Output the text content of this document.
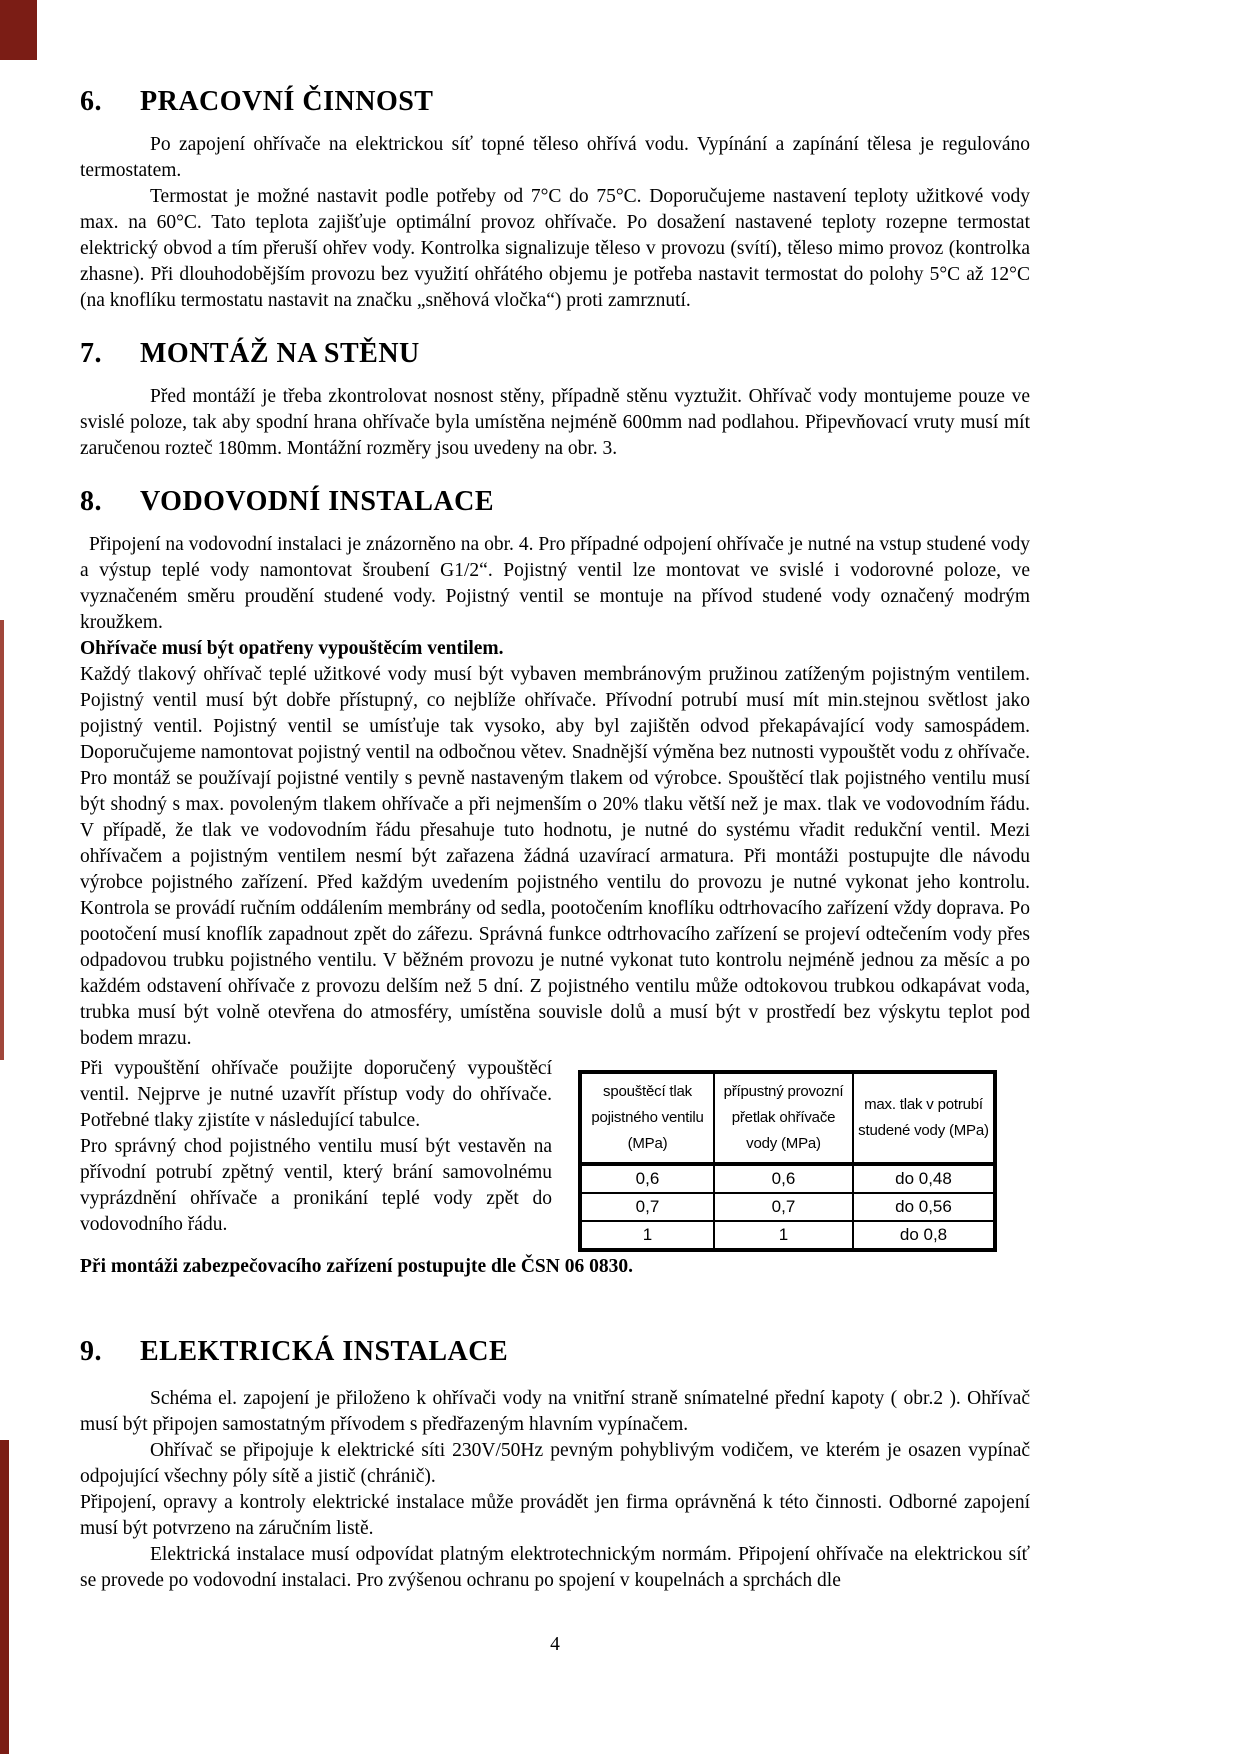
6.	PRACOVNÍ ČINNOST

Po zapojení ohřívače na elektrickou síť topné těleso ohřívá vodu. Vypínání a zapínání tělesa je regulováno termostatem.

Termostat je možné nastavit podle potřeby od 7°C do 75°C. Doporučujeme nastavení teploty užitkové vody max. na 60°C. Tato teplota zajišťuje optimální provoz ohřívače. Po dosažení nastavené teploty rozepne termostat elektrický obvod a tím přeruší ohřev vody. Kontrolka signalizuje těleso v provozu (svítí), těleso mimo provoz (kontrolka zhasne). Při dlouhodobějším provozu bez využití ohřátého objemu je potřeba nastavit termostat do polohy 5°C až 12°C (na knoflíku termostatu nastavit na značku „sněhová vločka“) proti zamrznutí.

7.	MONTÁŽ NA STĚNU

Před montáží je třeba zkontrolovat nosnost stěny, případně stěnu vyztužit. Ohřívač vody montujeme pouze ve svislé poloze, tak aby spodní hrana ohřívače byla umístěna nejméně 600mm nad podlahou. Připevňovací vruty musí mít zaručenou rozteč 180mm. Montážní rozměry jsou uvedeny na obr. 3.

8.	VODOVODNÍ INSTALACE

Připojení na vodovodní instalaci je znázorněno na obr. 4. Pro případné odpojení ohřívače je nutné na vstup studené vody a výstup teplé vody namontovat šroubení G1/2“. Pojistný ventil lze montovat ve svislé i vodorovné poloze, ve vyznačeném směru proudění studené vody. Pojistný ventil se montuje na přívod studené vody označený modrým kroužkem.

Ohřívače musí být opatřeny vypouštěcím ventilem.

Každý tlakový ohřívač teplé užitkové vody musí být vybaven membránovým pružinou zatíženým pojistným ventilem. Pojistný ventil musí být dobře přístupný, co nejblíže ohřívače. Přívodní potrubí musí mít min.stejnou světlost jako pojistný ventil. Pojistný ventil se umísťuje tak vysoko, aby byl zajištěn odvod překapávající vody samospádem. Doporučujeme namontovat pojistný ventil na odbočnou větev. Snadnější výměna bez nutnosti vypouštět vodu z ohřívače. Pro montáž se používají pojistné ventily s pevně nastaveným tlakem od výrobce. Spouštěcí tlak pojistného ventilu musí být shodný s max. povoleným tlakem ohřívače a při nejmenším o 20% tlaku větší než je max. tlak ve vodovodním řádu. V případě, že tlak ve vodovodním řádu přesahuje tuto hodnotu, je nutné do systému vřadit redukční ventil. Mezi ohřívačem a pojistným ventilem nesmí být zařazena žádná uzavírací armatura. Při montáži postupujte dle návodu výrobce pojistného zařízení. Před každým uvedením pojistného ventilu do provozu je nutné vykonat jeho kontrolu. Kontrola se provádí ručním oddálením membrány od sedla, pootočením knoflíku odtrhovacího zařízení vždy doprava. Po pootočení musí knoflík zapadnout zpět do zářezu. Správná funkce odtrhovacího zařízení se projeví odtečením vody přes odpadovou trubku pojistného ventilu. V běžném provozu je nutné vykonat tuto kontrolu nejméně jednou za měsíc a po každém odstavení ohřívače z provozu delším než 5 dní. Z pojistného ventilu může odtokovou trubkou odkapávat voda, trubka musí být volně otevřena do atmosféry, umístěna souvisle dolů a musí být v prostředí bez výskytu teplot pod bodem mrazu.

Při vypouštění ohřívače použijte doporučený vypouštěcí ventil. Nejprve je nutné uzavřít přístup vody do ohřívače. Potřebné tlaky zjistíte v následující tabulce.

Pro správný chod pojistného ventilu musí být vestavěn na přívodní potrubí zpětný ventil, který brání samovolnému vyprázdnění ohřívače a pronikání teplé vody zpět do vodovodního řádu.

spouštěcí tlak pojistného ventilu (MPa)	přípustný provozní přetlak ohřívače vody (MPa)	max. tlak v potrubí studené vody (MPa)
0,6	0,6	do 0,48
0,7	0,7	do 0,56
1	1	do 0,8

Při montáži zabezpečovacího zařízení postupujte dle ČSN 06 0830.

9.	ELEKTRICKÁ INSTALACE

Schéma el. zapojení je přiloženo k ohřívači vody na vnitřní straně snímatelné přední kapoty ( obr.2 ). Ohřívač musí být připojen samostatným přívodem s předřazeným hlavním vypínačem.

Ohřívač se připojuje k elektrické síti 230V/50Hz pevným pohyblivým vodičem, ve kterém je osazen vypínač odpojující všechny póly sítě a jistič (chránič).

Připojení, opravy a kontroly elektrické instalace může provádět jen firma oprávněná k této činnosti. Odborné zapojení musí být potvrzeno na záručním listě.

Elektrická instalace musí odpovídat platným elektrotechnickým normám. Připojení ohřívače na elektrickou síť se provede po vodovodní instalaci. Pro zvýšenou ochranu po spojení v koupelnách a sprchách dle

4
